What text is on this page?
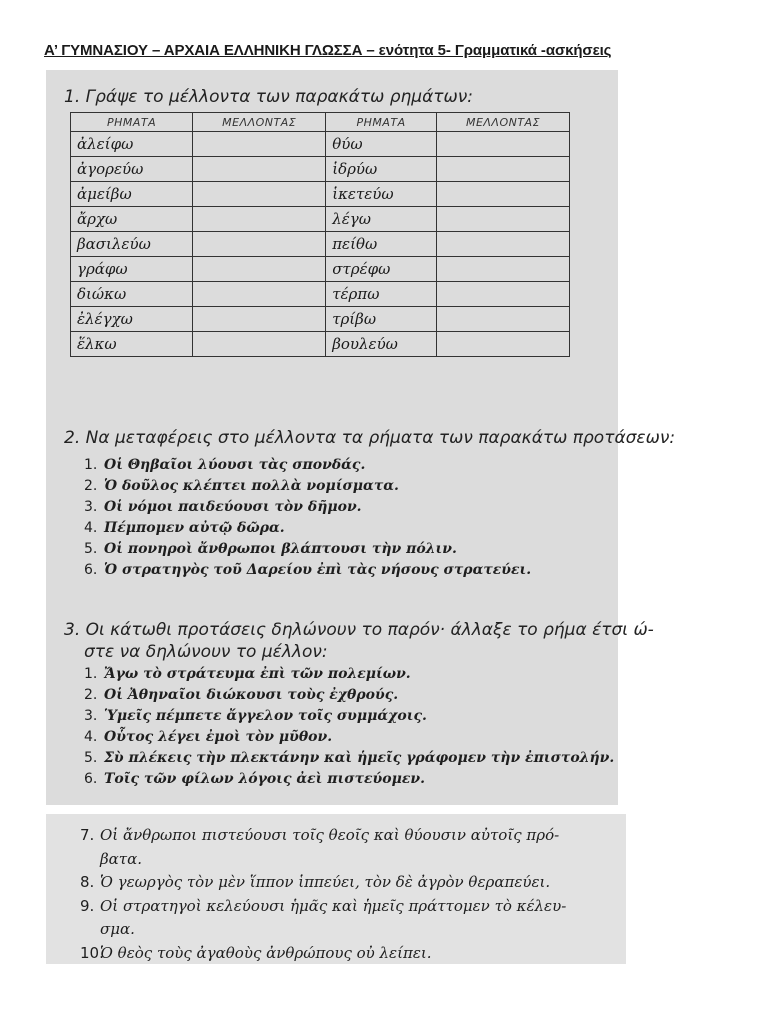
Α’ ΓΥΜΝΑΣΙΟΥ – ΑΡΧΑΙΑ ΕΛΛΗΝΙΚΗ ΓΛΩΣΣΑ – ενότητα 5- Γραμματικά -ασκήσεις
1. Γράψε το μέλλοντα των παρακάτω ρημάτων:
ΡΗΜΑΤΑ	ΜΕΛΛΟΝΤΑΣ	ΡΗΜΑΤΑ	ΜΕΛΛΟΝΤΑΣ
ἀλείφω		θύω	
ἀγορεύω		ἱδρύω	
ἀμείβω		ἱκετεύω	
ἄρχω		λέγω	
βασιλεύω		πείθω	
γράφω		στρέφω	
διώκω		τέρπω	
ἐλέγχω		τρίβω	
ἕλκω		βουλεύω	
2. Να μεταφέρεις στο μέλλοντα τα ρήματα των παρακάτω προτάσεων:
1. Οἱ Θηβαῖοι λύουσι τὰς σπονδάς.
2. Ὁ δοῦλος κλέπτει πολλὰ νομίσματα.
3. Οἱ νόμοι παιδεύουσι τὸν δῆμον.
4. Πέμπομεν αὐτῷ δῶρα.
5. Οἱ πονηροὶ ἄνθρωποι βλάπτουσι τὴν πόλιν.
6. Ὁ στρατηγὸς τοῦ Δαρείου ἐπὶ τὰς νήσους στρατεύει.
3. Οι κάτωθι προτάσεις δηλώνουν το παρόν· άλλαξε το ρήμα έτσι ώ-
στε να δηλώνουν το μέλλον:
1. Ἄγω τὸ στράτευμα ἐπὶ τῶν πολεμίων.
2. Οἱ Ἀθηναῖοι διώκουσι τοὺς ἐχθρούς.
3. Ὑμεῖς πέμπετε ἄγγελον τοῖς συμμάχοις.
4. Οὗτος λέγει ἐμοὶ τὸν μῦθον.
5. Σὺ πλέκεις τὴν πλεκτάνην καὶ ἡμεῖς γράφομεν τὴν ἐπιστολήν.
6. Τοῖς τῶν φίλων λόγοις ἀεὶ πιστεύομεν.
7. Οἱ ἄνθρωποι πιστεύουσι τοῖς θεοῖς καὶ θύουσιν αὐτοῖς πρό-
βατα.
8. Ὁ γεωργὸς τὸν μὲν ἵππον ἱππεύει, τὸν δὲ ἀγρὸν θεραπεύει.
9. Οἱ στρατηγοὶ κελεύουσι ἡμᾶς καὶ ἡμεῖς πράττομεν τὸ κέλευ-
σμα.
10.Ὁ θεὸς τοὺς ἀγαθοὺς ἀνθρώπους οὐ λείπει.
